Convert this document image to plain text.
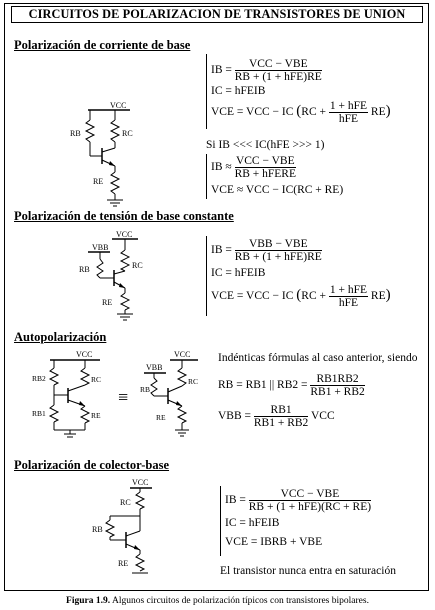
CIRCUITOS DE POLARIZACION DE TRANSISTORES DE UNION
Polarización de corriente de base
VCC
RB	RC
RE
IB = $\frac{\text{VCC − VBE}}{\text{RB + (1 + hFE)RE}}$
IC = hFEIB
VCE = VCC − IC $(RC + \frac{\text{1 + hFE}}{\text{hFE}} RE)$
Si IB <<< IC(hFE >>> 1)
IB ≈ $\frac{\text{VCC − VBE}}{\text{RB + hFERE}}$
VCE ≈ VCC − IC(RC + RE)
Polarización de tensión de base constante
VCC
VBB
RB	RC
RE
IB = $\frac{\text{VBB − VBE}}{\text{RB + (1 + hFE)RE}}$
IC = hFEIB
VCE = VCC − IC $(RC + \frac{\text{1 + hFE}}{\text{hFE}} RE)$
Autopolarización
VCC
RB2
RB1
RC
RE
≡
VCC
VBB
RB
RC
RE
Indénticas fórmulas al caso anterior, siendo
RB = RB1 || $RB2 = \frac{RB1RB2}{RB1 + RB2}$
VBB = $\frac{RB1}{RB1 + RB2}$ VCC
Polarización de colector-base
VCC
RC
RB
RE
IB = $\frac{\text{VCC − VBE}}{\text{RB + (1 + hFE)(RC + RE)}}$
IC = hFEIB
VCE = IBRB + VBE
El transistor nunca entra en saturación
Figura 1.9. Algunos circuitos de polarización típicos con transistores bipolares.
